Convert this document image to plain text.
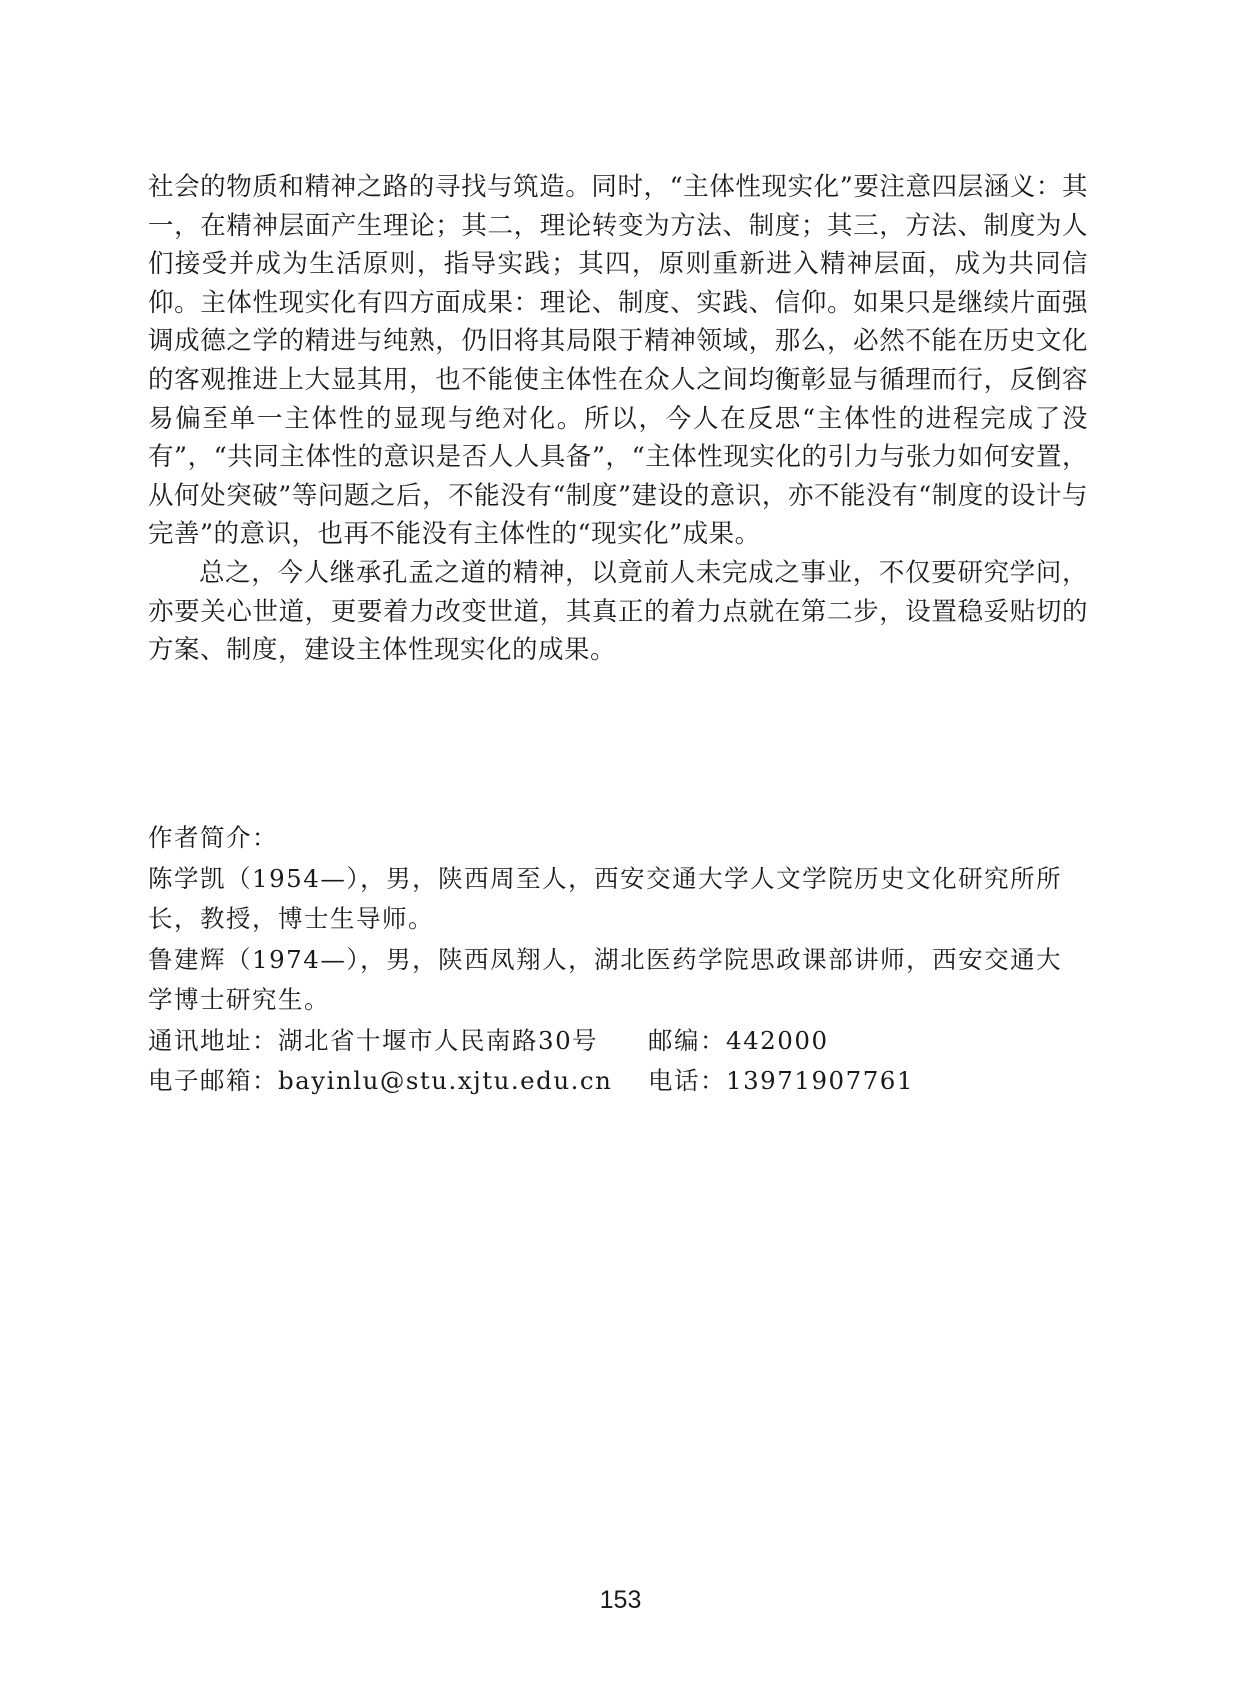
社会的物质和精神之路的寻找与筑造。同时，“主体性现实化”要注意四层涵义：其一，在精神层面产生理论；其二，理论转变为方法、制度；其三，方法、制度为人们接受并成为生活原则，指导实践；其四，原则重新进入精神层面，成为共同信仰。主体性现实化有四方面成果：理论、制度、实践、信仰。如果只是继续片面强调成德之学的精进与纯熟，仍旧将其局限于精神领域，那么，必然不能在历史文化的客观推进上大显其用，也不能使主体性在众人之间均衡彰显与循理而行，反倒容易偏至单一主体性的显现与绝对化。所以，今人在反思“主体性的进程完成了没有”，“共同主体性的意识是否人人具备”，“主体性现实化的引力与张力如何安置，从何处突破”等问题之后，不能没有“制度”建设的意识，亦不能没有“制度的设计与完善”的意识，也再不能没有主体性的“现实化”成果。

总之，今人继承孔孟之道的精神，以竟前人未完成之事业，不仅要研究学问，亦要关心世道，更要着力改变世道，其真正的着力点就在第二步，设置稳妥贴切的方案、制度，建设主体性现实化的成果。

作者简介：

陈学凯（1954—），男，陕西周至人，西安交通大学人文学院历史文化研究所所长，教授，博士生导师。

鲁建辉（1974—），男，陕西凤翔人，湖北医药学院思政课部讲师，西安交通大学博士研究生。

通讯地址：湖北省十堰市人民南路30号 邮编：442000
电子邮箱：bayinlu@stu.xjtu.edu.cn 电话：13971907761
153
